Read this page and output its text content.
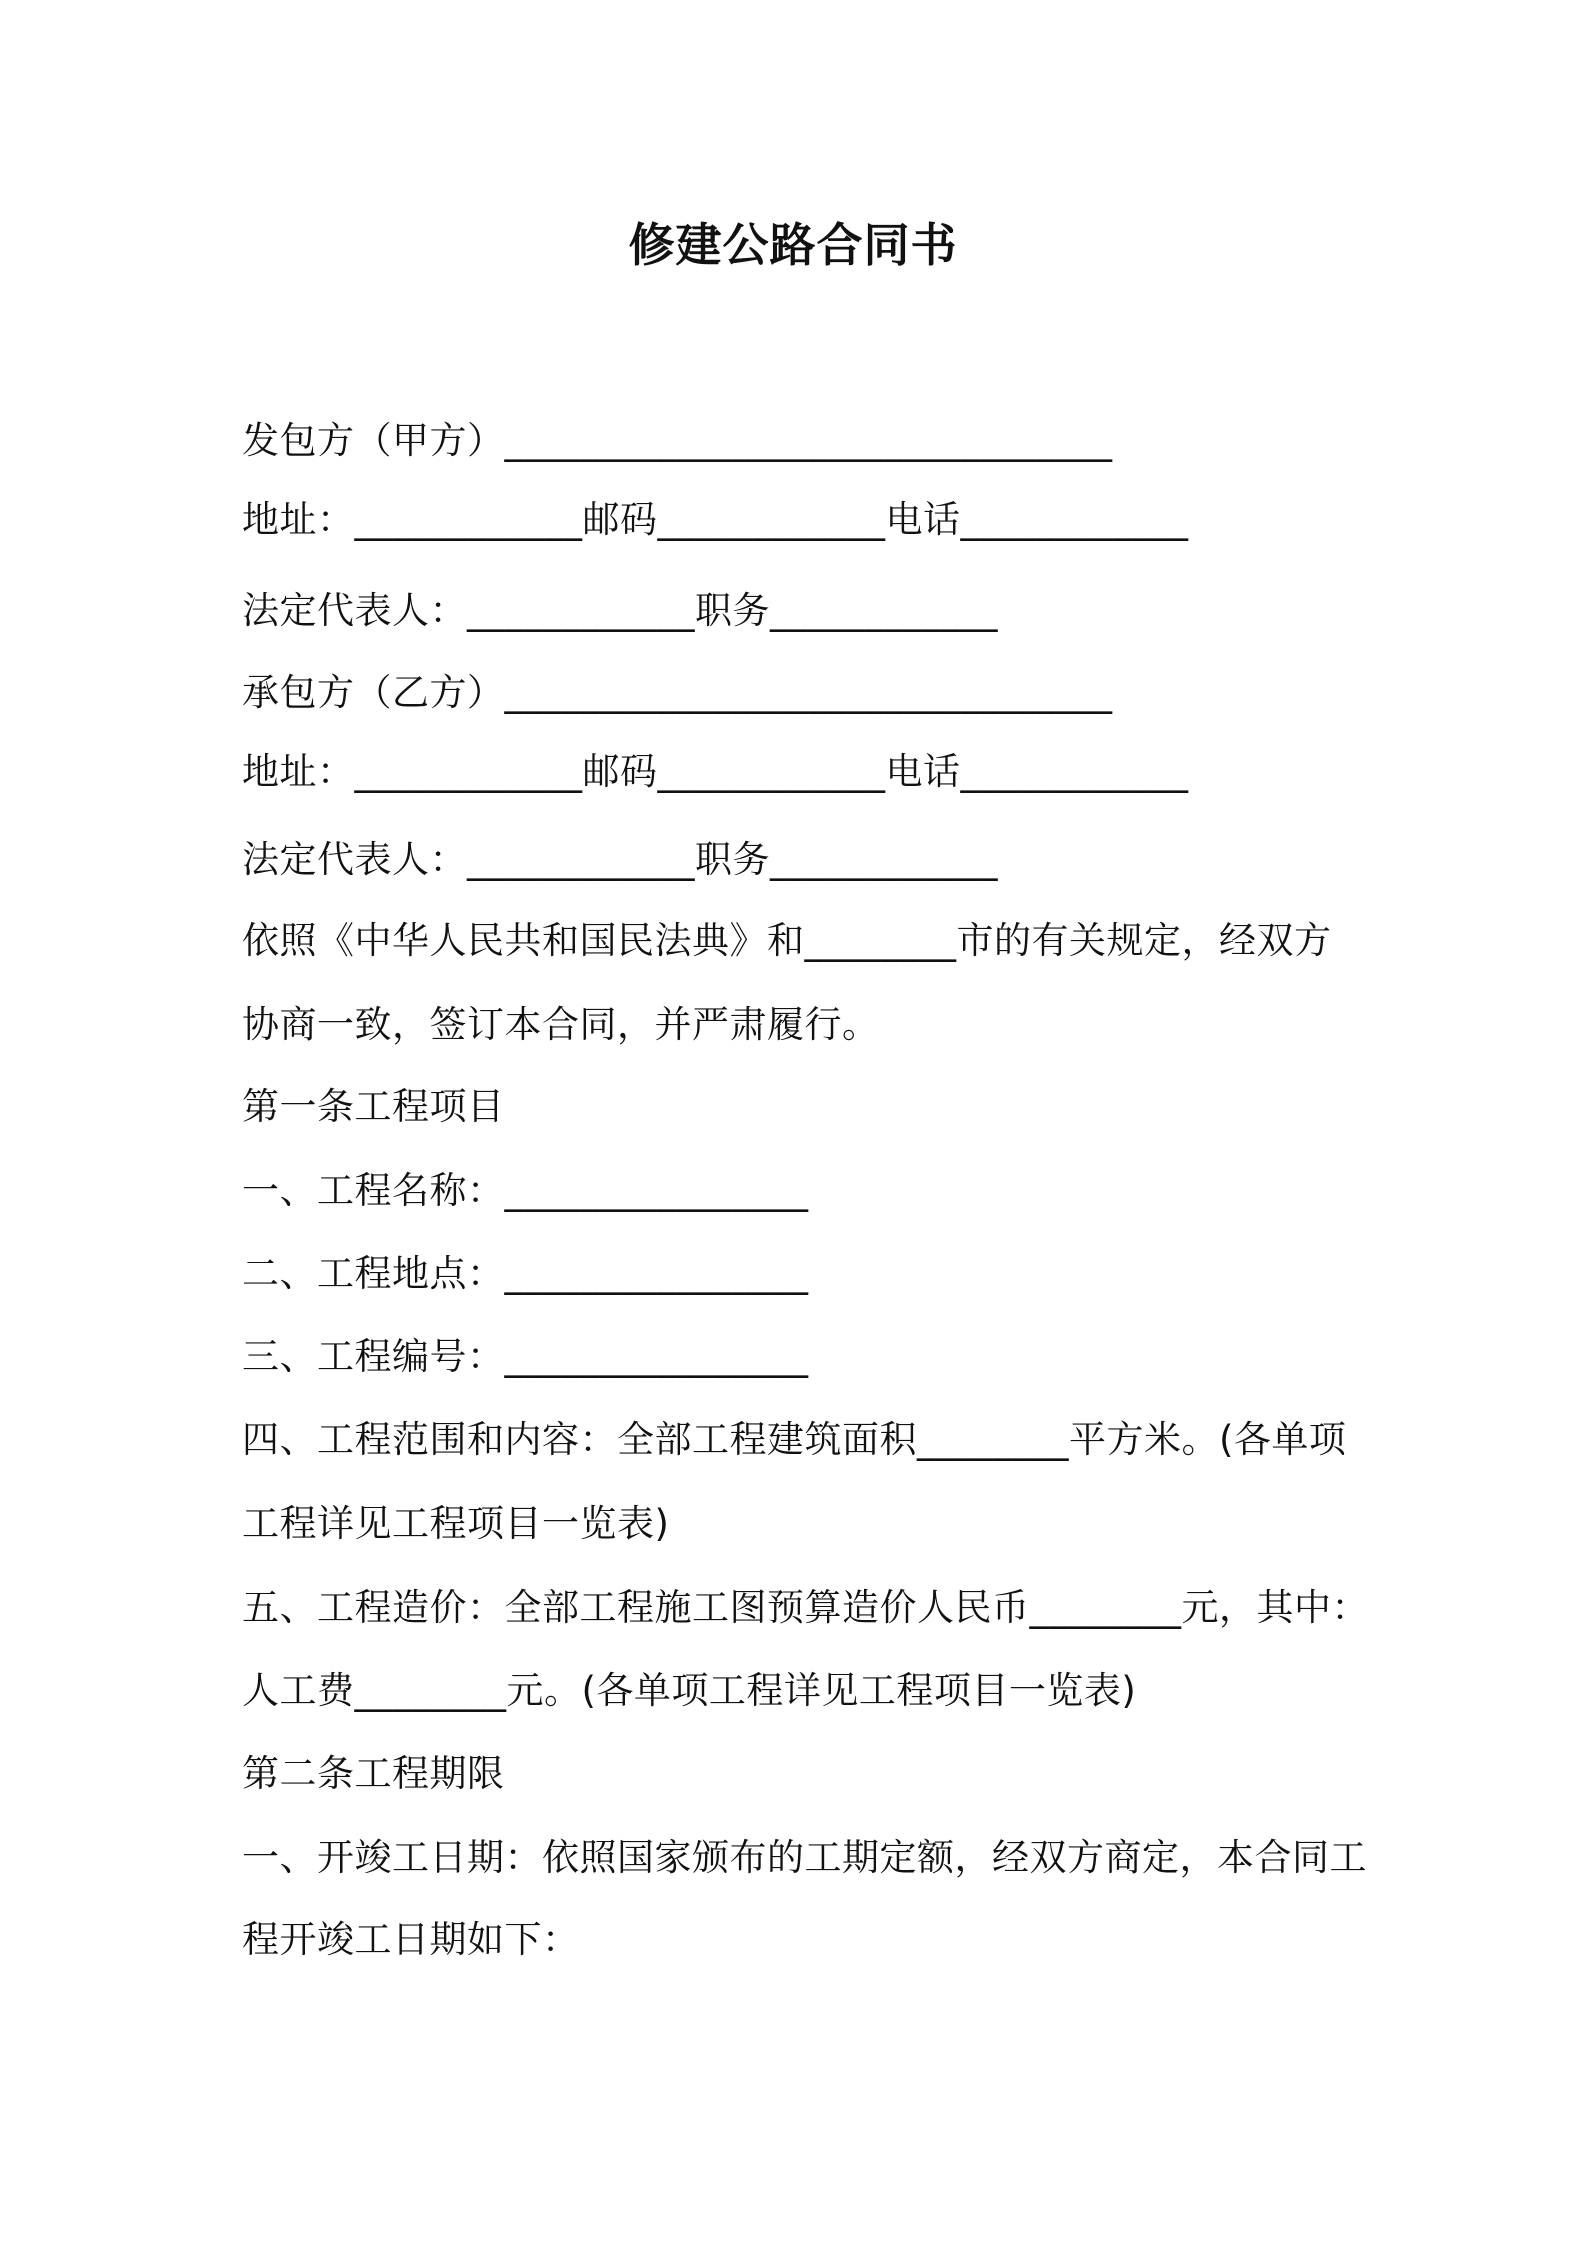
修建公路合同书
发包方（甲方）________________________________
地址：____________邮码____________电话____________
法定代表人：____________职务____________
承包方（乙方）________________________________
地址：____________邮码____________电话____________
法定代表人：____________职务____________
依照《中华人民共和国民法典》和________市的有关规定，经双方
协商一致，签订本合同，并严肃履行。
第一条工程项目
一、工程名称：________________
二、工程地点：________________
三、工程编号：________________
四、工程范围和内容：全部工程建筑面积________平方米。(各单项
工程详见工程项目一览表)
五、工程造价：全部工程施工图预算造价人民币________元，其中：
人工费________元。(各单项工程详见工程项目一览表)
第二条工程期限
一、开竣工日期：依照国家颁布的工期定额，经双方商定，本合同工
程开竣工日期如下：
